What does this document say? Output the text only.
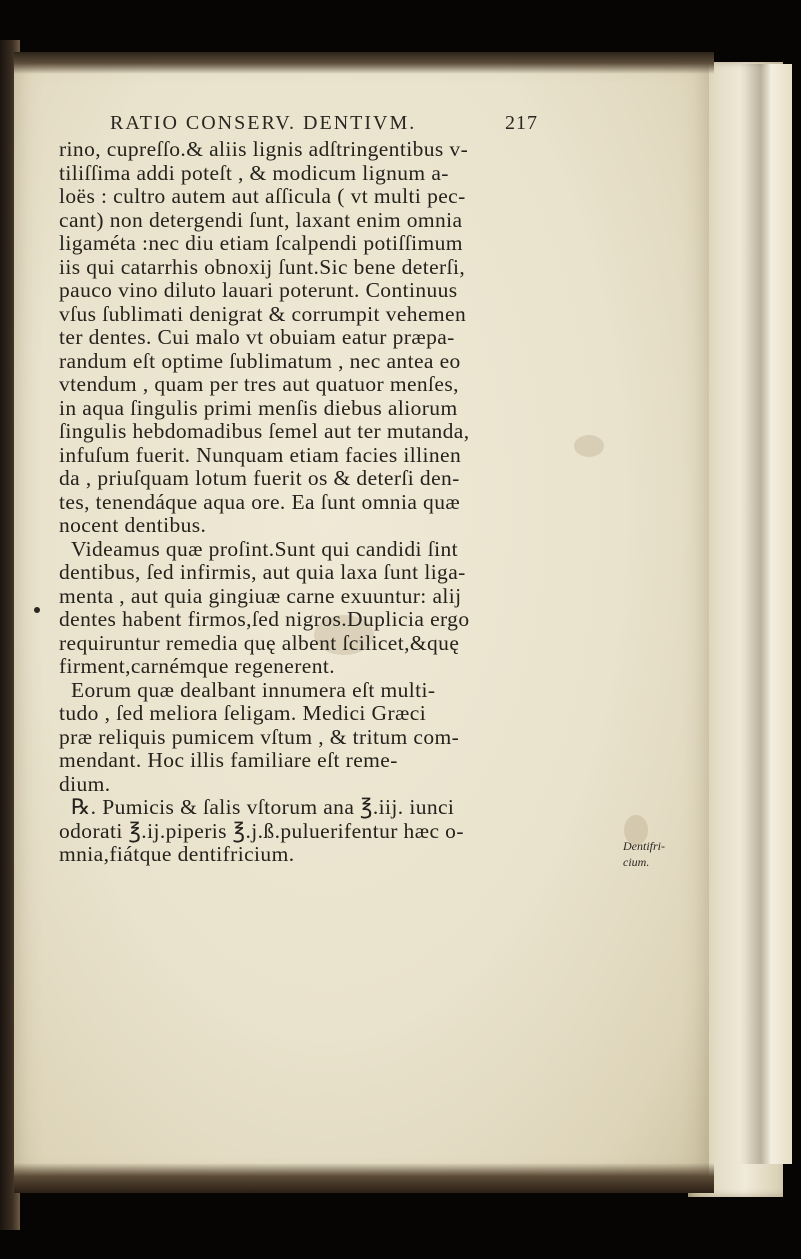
RATIO CONSERV. DENTIVM.	217
rino, cupreſſo.& aliis lignis adſtringentibus v-
tiliſſima addi poteſt , & modicum lignum a-
loës : cultro autem aut aſſicula ( vt multi pec-
cant) non detergendi ſunt, laxant enim omnia
ligaméta :nec diu etiam ſcalpendi potiſſimum
iis qui catarrhis obnoxij ſunt.Sic bene deterſi,
pauco vino diluto lauari poterunt. Continuus
vſus ſublimati denigrat & corrumpit vehemen
ter dentes. Cui malo vt obuiam eatur præpa-
randum eſt optime ſublimatum , nec antea eo
vtendum , quam per tres aut quatuor menſes,
in aqua ſingulis primi menſis diebus aliorum
ſingulis hebdomadibus ſemel aut ter mutanda,
infuſum fuerit. Nunquam etiam facies illinen
da , priuſquam lotum fuerit os & deterſi den-
tes, tenendáque aqua ore. Ea ſunt omnia quæ
nocent dentibus.
Videamus quæ proſint.Sunt qui candidi ſint
dentibus, ſed infirmis, aut quia laxa ſunt liga-
menta , aut quia gingiuæ carne exuuntur: alij
dentes habent firmos,ſed nigros.Duplicia ergo
requiruntur remedia quę albent ſcilicet,&quę
firment,carnémque regenerent.
Eorum quæ dealbant innumera eſt multi-
tudo , ſed meliora ſeligam. Medici Græci
præ reliquis pumicem vſtum , & tritum com-
mendant. Hoc illis familiare eſt reme-
dium.
℞. Pumicis & ſalis vſtorum ana ℥.iij. iunci
odorati ℥.ij.piperis ℥.j.ß.puluerifentur hæc o-
mnia,fiátque dentifricium.	Dentifri-
cium.
